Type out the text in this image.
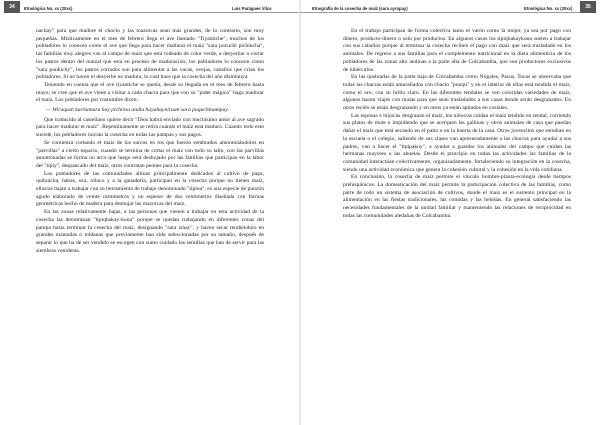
34	Etnológica No. xx (20xx)	Luis Parágues Vilca

nachay" para que madure el choclo y las mazorcas sean más grandes, de lo contrario, son muy pequeñas. Místicamente en el mes de febrero llega el ave llamado "Tiyantiche", muchos de los pobladores lo conocen como el ave que llega para hacer madurar el maíz "sara pucuchi pichincha", las familias muy alegres van al campo de maíz que está rodeado de color verde, a desyerbar o cortar los pastos dentro del maizal que está en proceso de maduración; los pobladores lo conocen como "sara punkichy", los pastos cortados son para alimentar a las vacas, ovejas, caballos que crían los pobladores. Si no hacen el desyerbe no madura, lo cual hace que la cosecha del año disminuya.

Teniendo en cuenta que el ave tiyantiche se queda, desde su llegada en el mes de febrero hasta mayo; se cree que el ave viene a visitar a cada chacra para que con su "pider mágico" haga madurar el maíz. Los pobladores por costumbre dicen:

— Wiraqush kachamara hay pichiroa andia hayahuyniruan sara puquchinampay.

Que traducido al castellano quiere decir "Dios habrá enviado con muchísimo amor al ave sagrado para hacer madurar el maíz". Repentinamente se retira cuando el maíz está maduro. Cuando todo esto sucede, los pobladores inician la cosecha en todas las pampas y sus pagos.

Se comienza cortando el maíz de los surcos en los que fueron sembrados amontonándolos en "parvillas" a cierto espacio, cuando se termina de cortar el maíz con todo su tallo, con las parvillas amontonadas se forma un arco que luego será deshojado por las familias que participan en la labor del "tipiy", despancado del maíz, otros contratan peones para la cosecha.

Los pobladores de las comunidades altinas principalmente dedicados al cultivo de papa, quihuicha, habas, oca, olluco y a la ganadería, participan en la cosecha porque no tienen maíz, ellos/as bajan a trabajar con su herramienta de trabajo denominado "tipina", es una especie de punzón agudo elaborado de veinte centímetros y un espesor de dos centímetros diseñada con formas geométricas hecho de madera para deshojar las mazorcas del maíz.

En las zonas relativamente bajas, a las personas que vienen a trabajar en esta actividad de la cosecha las denominan "tipiqhakay-kuna" porque se quedan trabajando en diferentes zonas del pampa hasta terminar la cosecha del maíz, designando "sara ishay", y hacen secar tendiéndolo en grandes mantadas o toldanas que previamente han sido seleccionadas por su tamaño, después de separar lo que ha de ser vendido se escogen con sumo cuidado las semillas que han de servir para las siembras venideras.

Etnografía de la cosecha de maíz (sara ayrupay)	Etnológica No. xx (20xx)	35

En el trabajo participan de forma colectiva tanto el varón como la mujer, ya sea por pago con dinero, producto-dinero o solo por productos. En algunos casos los tipiqhakaykuna suelen a trabajar con sus caballos porque al terminar la cosecha reciben el pago con maíz que será trasladado en los animales. De regreso a sus familias para el complemento nutricional en la dieta alimenticia de los pobladores de las zonas alto andinas a la parte alta de Colcabamba, que son productores exclusivos de tubérculos.

En las quebradas de la parte baja de Colcabamba como Nogales, Pacus, Tocas se observaba que todas las chacras están amurallados con chaclo "punqu" y en el interior de ellas está tendida el maíz, como el oro, con su brillo claro. En las diferentes tendales se ven coloridas variedades de maíz, algunos hacen viajes con mulas para que sean trasladados a sus casas donde serán desgranados. En otros recién se están desgranando y en otros ya están apilados en costales.

Las esposas e hijos/as desgranan el maíz, los niños/as cuidan el maíz tendido en tendal, corriendo sus platos de mote e impidiendo que se acerquen las gallinas y otros animales de casa que puedan dañar el maíz que está secando en el patio o en la huerta de la casa. Otros jovencitos que estudian en la escuela o el colegio, saliendo de sus clases van apresuradamente a las chacras para ayudar a sus padres, van a hacer el "tipipakuy", a ayudar a guardar los animales del campo que cuidan las hermanas mayores o las abuelas. Desde el principio en todas las actividades las familias de la comunidad interactúan colectivamente, organizadamente, fortaleciendo su integración en la cosecha, siendo una actividad económica que genera la cohesión cultural y la cohesión en la vida cotidiana.

En conclusión, la cosecha de maíz permite el vínculo hombre-planta-ecología desde tiempos prehispánicos. La domesticación del maíz permite la participación colectiva de las familias, como parte de todo un sistema de asociación de cultivos, donde el maíz es el sustento principal en la alimentación en las fiestas tradicionales, las comidas y las bebidas. En general satisfaciendo las necesidades fundamentales de la unidad familiar y manteniendo las relaciones de reciprocidad en todas las comunidades aledañas de Colcabamba.
